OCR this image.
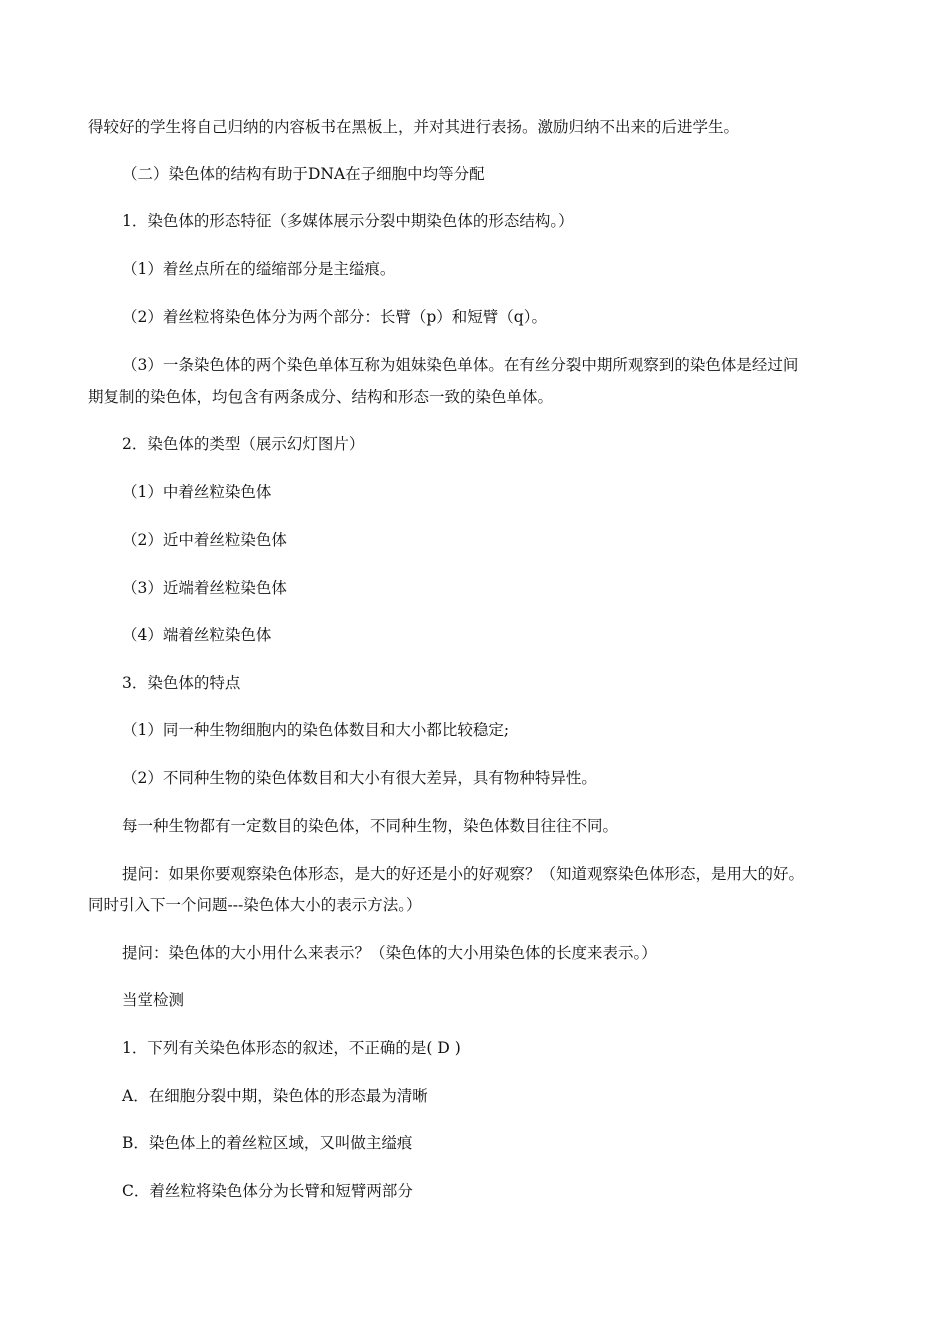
得较好的学生将自己归纳的内容板书在黑板上，并对其进行表扬。激励归纳不出来的后进学生。
（二）染色体的结构有助于DNA在子细胞中均等分配
1．染色体的形态特征（多媒体展示分裂中期染色体的形态结构。）
（1）着丝点所在的缢缩部分是主缢痕。
（2）着丝粒将染色体分为两个部分：长臂（p）和短臂（q）。
（3）一条染色体的两个染色单体互称为姐妹染色单体。在有丝分裂中期所观察到的染色体是经过间
期复制的染色体，均包含有两条成分、结构和形态一致的染色单体。
2．染色体的类型（展示幻灯图片）
（1）中着丝粒染色体
（2）近中着丝粒染色体
（3）近端着丝粒染色体
（4）端着丝粒染色体
3．染色体的特点
（1）同一种生物细胞内的染色体数目和大小都比较稳定;
（2）不同种生物的染色体数目和大小有很大差异，具有物种特异性。
每一种生物都有一定数目的染色体，不同种生物，染色体数目往往不同。
提问：如果你要观察染色体形态，是大的好还是小的好观察？（知道观察染色体形态，是用大的好。
同时引入下一个问题---染色体大小的表示方法。）
提问：染色体的大小用什么来表示？（染色体的大小用染色体的长度来表示。）
当堂检测
1．下列有关染色体形态的叙述，不正确的是( D )
A．在细胞分裂中期，染色体的形态最为清晰
B．染色体上的着丝粒区域，又叫做主缢痕
C．着丝粒将染色体分为长臂和短臂两部分
